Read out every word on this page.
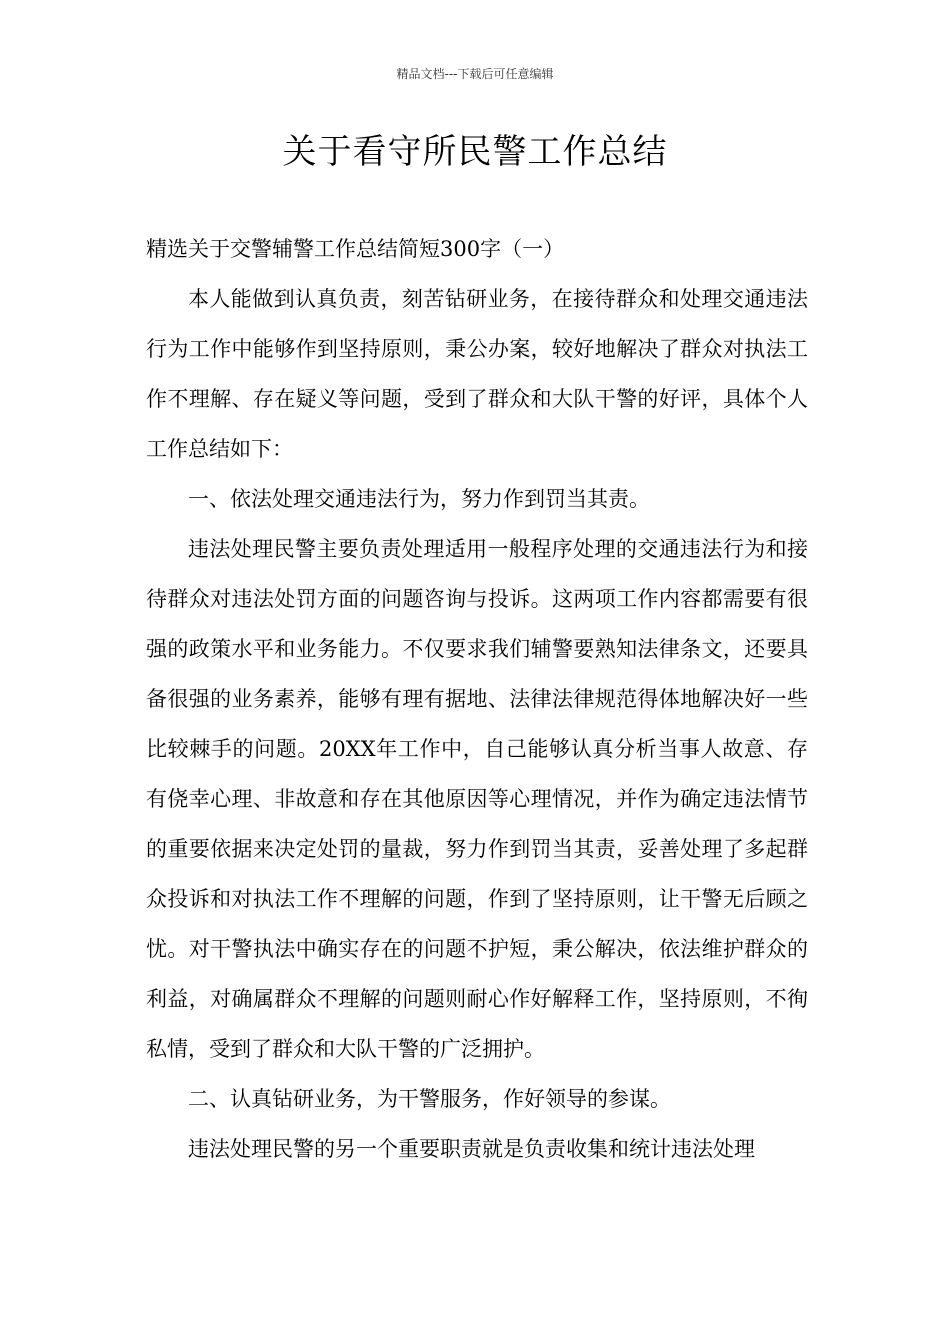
精品文档---下载后可任意编辑
关于看守所民警工作总结

精选关于交警辅警工作总结简短300字（一）

本人能做到认真负责，刻苦钻研业务，在接待群众和处理交通违法行为工作中能够作到坚持原则，秉公办案，较好地解决了群众对执法工作不理解、存在疑义等问题，受到了群众和大队干警的好评，具体个人工作总结如下：

一、依法处理交通违法行为，努力作到罚当其责。

违法处理民警主要负责处理适用一般程序处理的交通违法行为和接待群众对违法处罚方面的问题咨询与投诉。这两项工作内容都需要有很强的政策水平和业务能力。不仅要求我们辅警要熟知法律条文，还要具备很强的业务素养，能够有理有据地、法律法律规范得体地解决好一些比较棘手的问题。20XX年工作中，自己能够认真分析当事人故意、存有侥幸心理、非故意和存在其他原因等心理情况，并作为确定违法情节的重要依据来决定处罚的量裁，努力作到罚当其责，妥善处理了多起群众投诉和对执法工作不理解的问题，作到了坚持原则，让干警无后顾之忧。对干警执法中确实存在的问题不护短，秉公解决，依法维护群众的利益，对确属群众不理解的问题则耐心作好解释工作，坚持原则，不徇私情，受到了群众和大队干警的广泛拥护。

二、认真钻研业务，为干警服务，作好领导的参谋。

违法处理民警的另一个重要职责就是负责收集和统计违法处理
